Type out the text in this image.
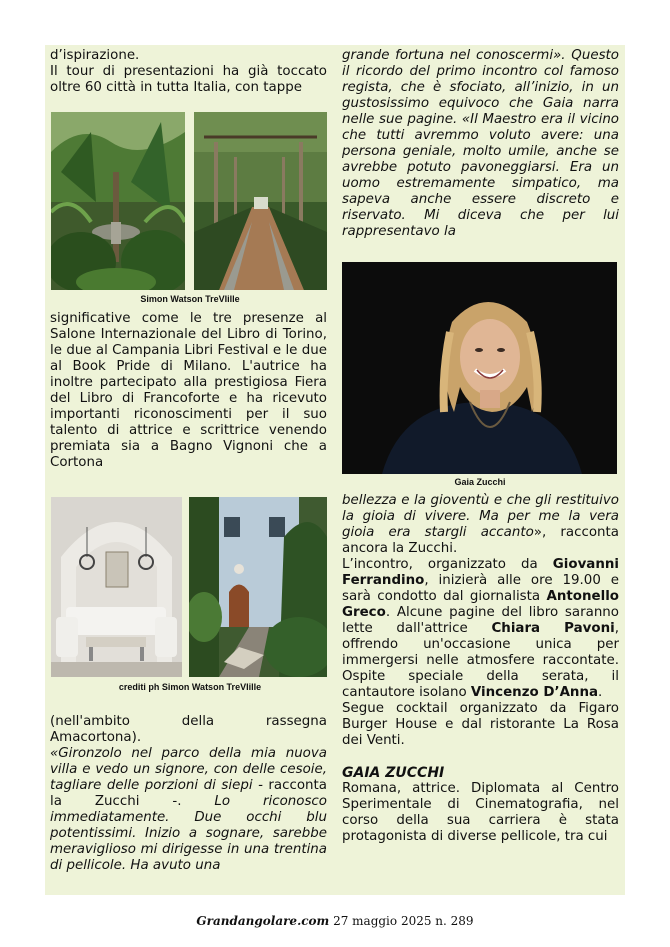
d’ispirazione.

Il tour di presentazioni ha già toccato oltre 60 città in tutta Italia, con tappe

Simon Watson TreVIille

significative come le tre presenze al Salone Internazionale del Libro di Torino, le due al Campania Libri Festival e le due al Book Pride di Milano. L'autrice ha inoltre partecipato alla prestigiosa Fiera del Libro di Francoforte e ha ricevuto importanti riconoscimenti per il suo talento di attrice e scrittrice venendo premiata sia a Bagno Vignoni che a Cortona

crediti ph Simon Watson TreVIille

(nell'ambito della rassegna Amacortona).

«Gironzolo nel parco della mia nuova villa e vedo un signore, con delle cesoie, tagliare delle porzioni di siepi - racconta la Zucchi -. Lo riconosco immediatamente. Due occhi blu potentissimi. Inizio a sognare, sarebbe meraviglioso mi dirigesse in una trentina di pellicole. Ha avuto una

grande fortuna nel conoscermi». Questo il ricordo del primo incontro col famoso regista, che è sfociato, all’inizio, in un gustosissimo equivoco che Gaia narra nelle sue pagine. «Il Maestro era il vicino che tutti avremmo voluto avere: una persona geniale, molto umile, anche se avrebbe potuto pavoneggiarsi. Era un uomo estremamente simpatico, ma sapeva anche essere discreto e riservato. Mi diceva che per lui rappresentavo la

Gaia Zucchi

bellezza e la gioventù e che gli restituivo la gioia di vivere. Ma per me la vera gioia era stargli accanto», racconta ancora la Zucchi.

L’incontro, organizzato da Giovanni Ferrandino, inizierà alle ore 19.00 e sarà condotto dal giornalista Antonello Greco. Alcune pagine del libro saranno lette dall'attrice Chiara Pavoni, offrendo un'occasione unica per immergersi nelle atmosfere raccontate. Ospite speciale della serata, il cantautore isolano Vincenzo D’Anna.

Segue cocktail organizzato da Figaro Burger House e dal ristorante La Rosa dei Venti.

GAIA ZUCCHI

Romana, attrice. Diplomata al Centro Sperimentale di Cinematografia, nel corso della sua carriera è stata protagonista di diverse pellicole, tra cui

Grandangolare.com 27 maggio 2025 n. 289
